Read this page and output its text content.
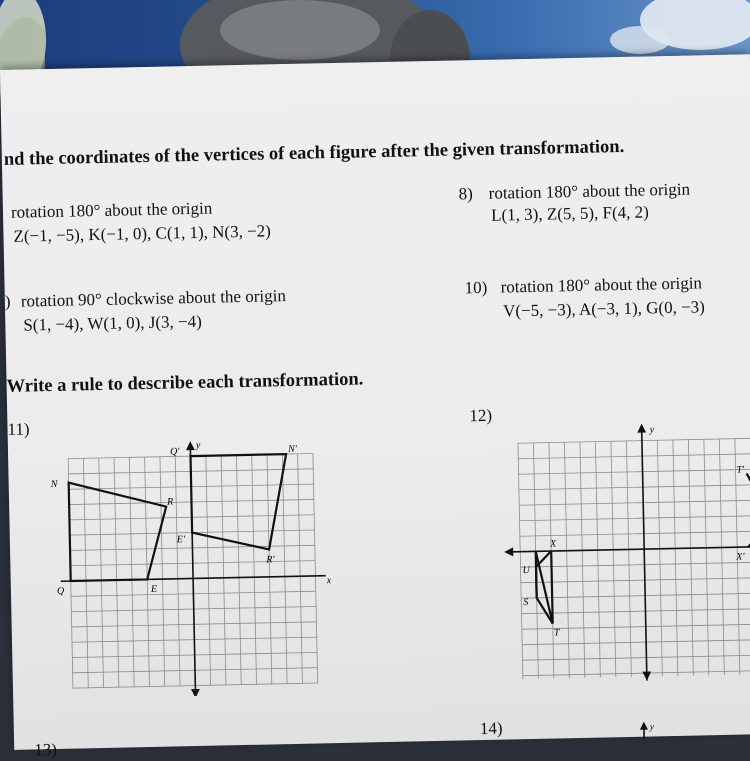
nd the coordinates of the vertices of each figure after the given transformation.
rotation 180° about the origin
Z(−1, −5), K(−1, 0), C(1, 1), N(3, −2)
8) rotation 180° about the origin
L(1, 3), Z(5, 5), F(4, 2)
) rotation 90° clockwise about the origin
S(1, −4), W(1, 0), J(3, −4)
10) rotation 180° about the origin
V(−5, −3), A(−3, 1), G(0, −3)
Write a rule to describe each transformation.
11)
12)
13)
14)
x
y
N
R
E
Q
Q'	N'
E'
R'
y
X
U
S
T
T'
X'
y
